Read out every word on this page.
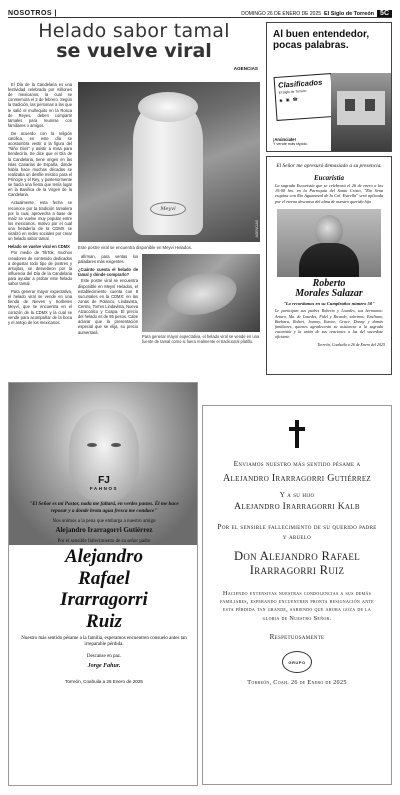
NOSOTROS |	DOMINGO 26 DE ENERO DE 2025 El Siglo de Torreón 5C
Helado sabor tamal
se vuelve viral
AGENCIAS

El Día de la Candelaria es una festividad celebrada por millones de mexicanos, la cual se conmemora el 2 de febrero. Según la tradición, las personas a las que le salió el muñequito en la Rosca de Reyes, deben compartir tamales para reunirse con familiares o amigos.

De acuerdo con la religión católica, en este día se acostumbra vestir a la figura del "Niño Dios" y asistir a misa para bendecirla. Se dice que el Día de la Candelaria, tiene origen en las Islas Canarias de España, donde había hace muchas décadas se realizaba un desfile místico para el Príncipe y el Rey, y posteriormente se hacía una fiesta que tenía lugar en la Basílica de la Virgen de la Candelaria.

Actualmente, esta fecha se reconoce por la tradición tamalera por lo cual, aprovecha a base de maíz se vuelve muy popular entre los mexicanos, motivo por el cual una heladería de la CDMX se viralizó en redes sociales por crear un helado sabor tamal.

Helado se vuelve viral en CDMX

Por medio de TikTok, muchos creadores de contenido dedicados a degustar todo tipo de postres y antojitos, se desvelaron por la influencia del Día de la Candelaria para ayudar a probar este helado sabor tamal.

Para generar mayor expectativa, el helado viral se vende en una tienda de Nieves y Sorbetes Meyví, que se encuentra en el corazón de la CDMX y la cual se vende para acompañar de la boca y el antojo de los mexicanos.

Meyví
AGENCIAS
Este postre viral se encuentra disponible en Meyvi Helados.

afirman, para ventas los paladares más exigentes.

¿Cuánto cuesta el helado de tamal y dónde comprarlo?

Este postre viral se encuentra disponible en Meyví Helados, el establecimiento cuenta con 8 sucursales en la CDMX: en las zonas de Polanco, Lindavista, Centro, Torres Lindavista, Nueva Atzacoalco y Coapa. El precio del helado es de 55 pesos. Cabe aclarar que la presentación especial que se elija, su precio aumentará.

Para generar mayor expectativa, el helado viral se vende en una fuente de tamal como si fuera realmente el tradicional platillo.
Al buen entendedor, pocas palabras.
Clasificados
El Siglo de Torreón
◉ ▣ ☎
¡Anúnciate!
Y vende más rápido.
El Señor me apresuró demasiado a su presencia.
Eucaristía
La sagrada Eucaristía que se celebrará el 26 de enero a las 19:00 hrs. en la Parroquia del Santo Cristo, "Río Sena esquina con Río Aguanaval de la Col. Estrella" será aplicada por el eterno descanso del alma de nuestro querido hijo
Roberto
Morales Salazar
"Lo recordamos en su Cumpleaños número 50"
Le participan sus padres Roberto y Lourdes, sus hermanos: Arturo, Ma. de Lourdes, Fidel y Ricardo, sobrinos: Emiliano, Barbara, Robert, Joanny, Eunice, Grace, Danny y demás familiares, quienes agradecerán su asistencia a la sagrada eucaristía y la unión de sus oraciones a las del sacerdote oficiante.
Torreón, Coahuila a 26 de Enero del 2025
FJ
FAHNOS
"El Señor es mi Pastor, nada me faltará, en verdes pastos. Él me hace reposar y a donde brota agua fresca me conduce"
Nos unimos a la pena que embarga a nuestro amigo
Alejandro Irarragorri Gutiérrez
Por el sensible fallecimiento de su señor padre
Alejandro
Rafael
Irarragorri
Ruiz
Nuestro más sentido pésame a la familia, esperamos encuentren consuelo antes tan irreparable pérdida.
Descanse en paz.
Jorge Fahur.
Torreón, Coahuila a 26 Enero de 2025
Enviamos nuestro más sentido pésame a
Alejandro Irarragorri Gutiérrez
Y a su hijo
Alejandro Irarragorri Kalb
Por el sensible fallecimiento de su querido padre y abuelo
Don Alejandro Rafael Irarragorri Ruiz
Haciendo extensivas nuestras condolencias a sus demás familiares, esperando encuentren pronta resignación ante esta pérdida tan grande, sabiendo que ahora goza de la gloria de Nuestro Señor.
Respetuosamente
GRUPO
Torreón, Coah. 26 de Enero de 2025
